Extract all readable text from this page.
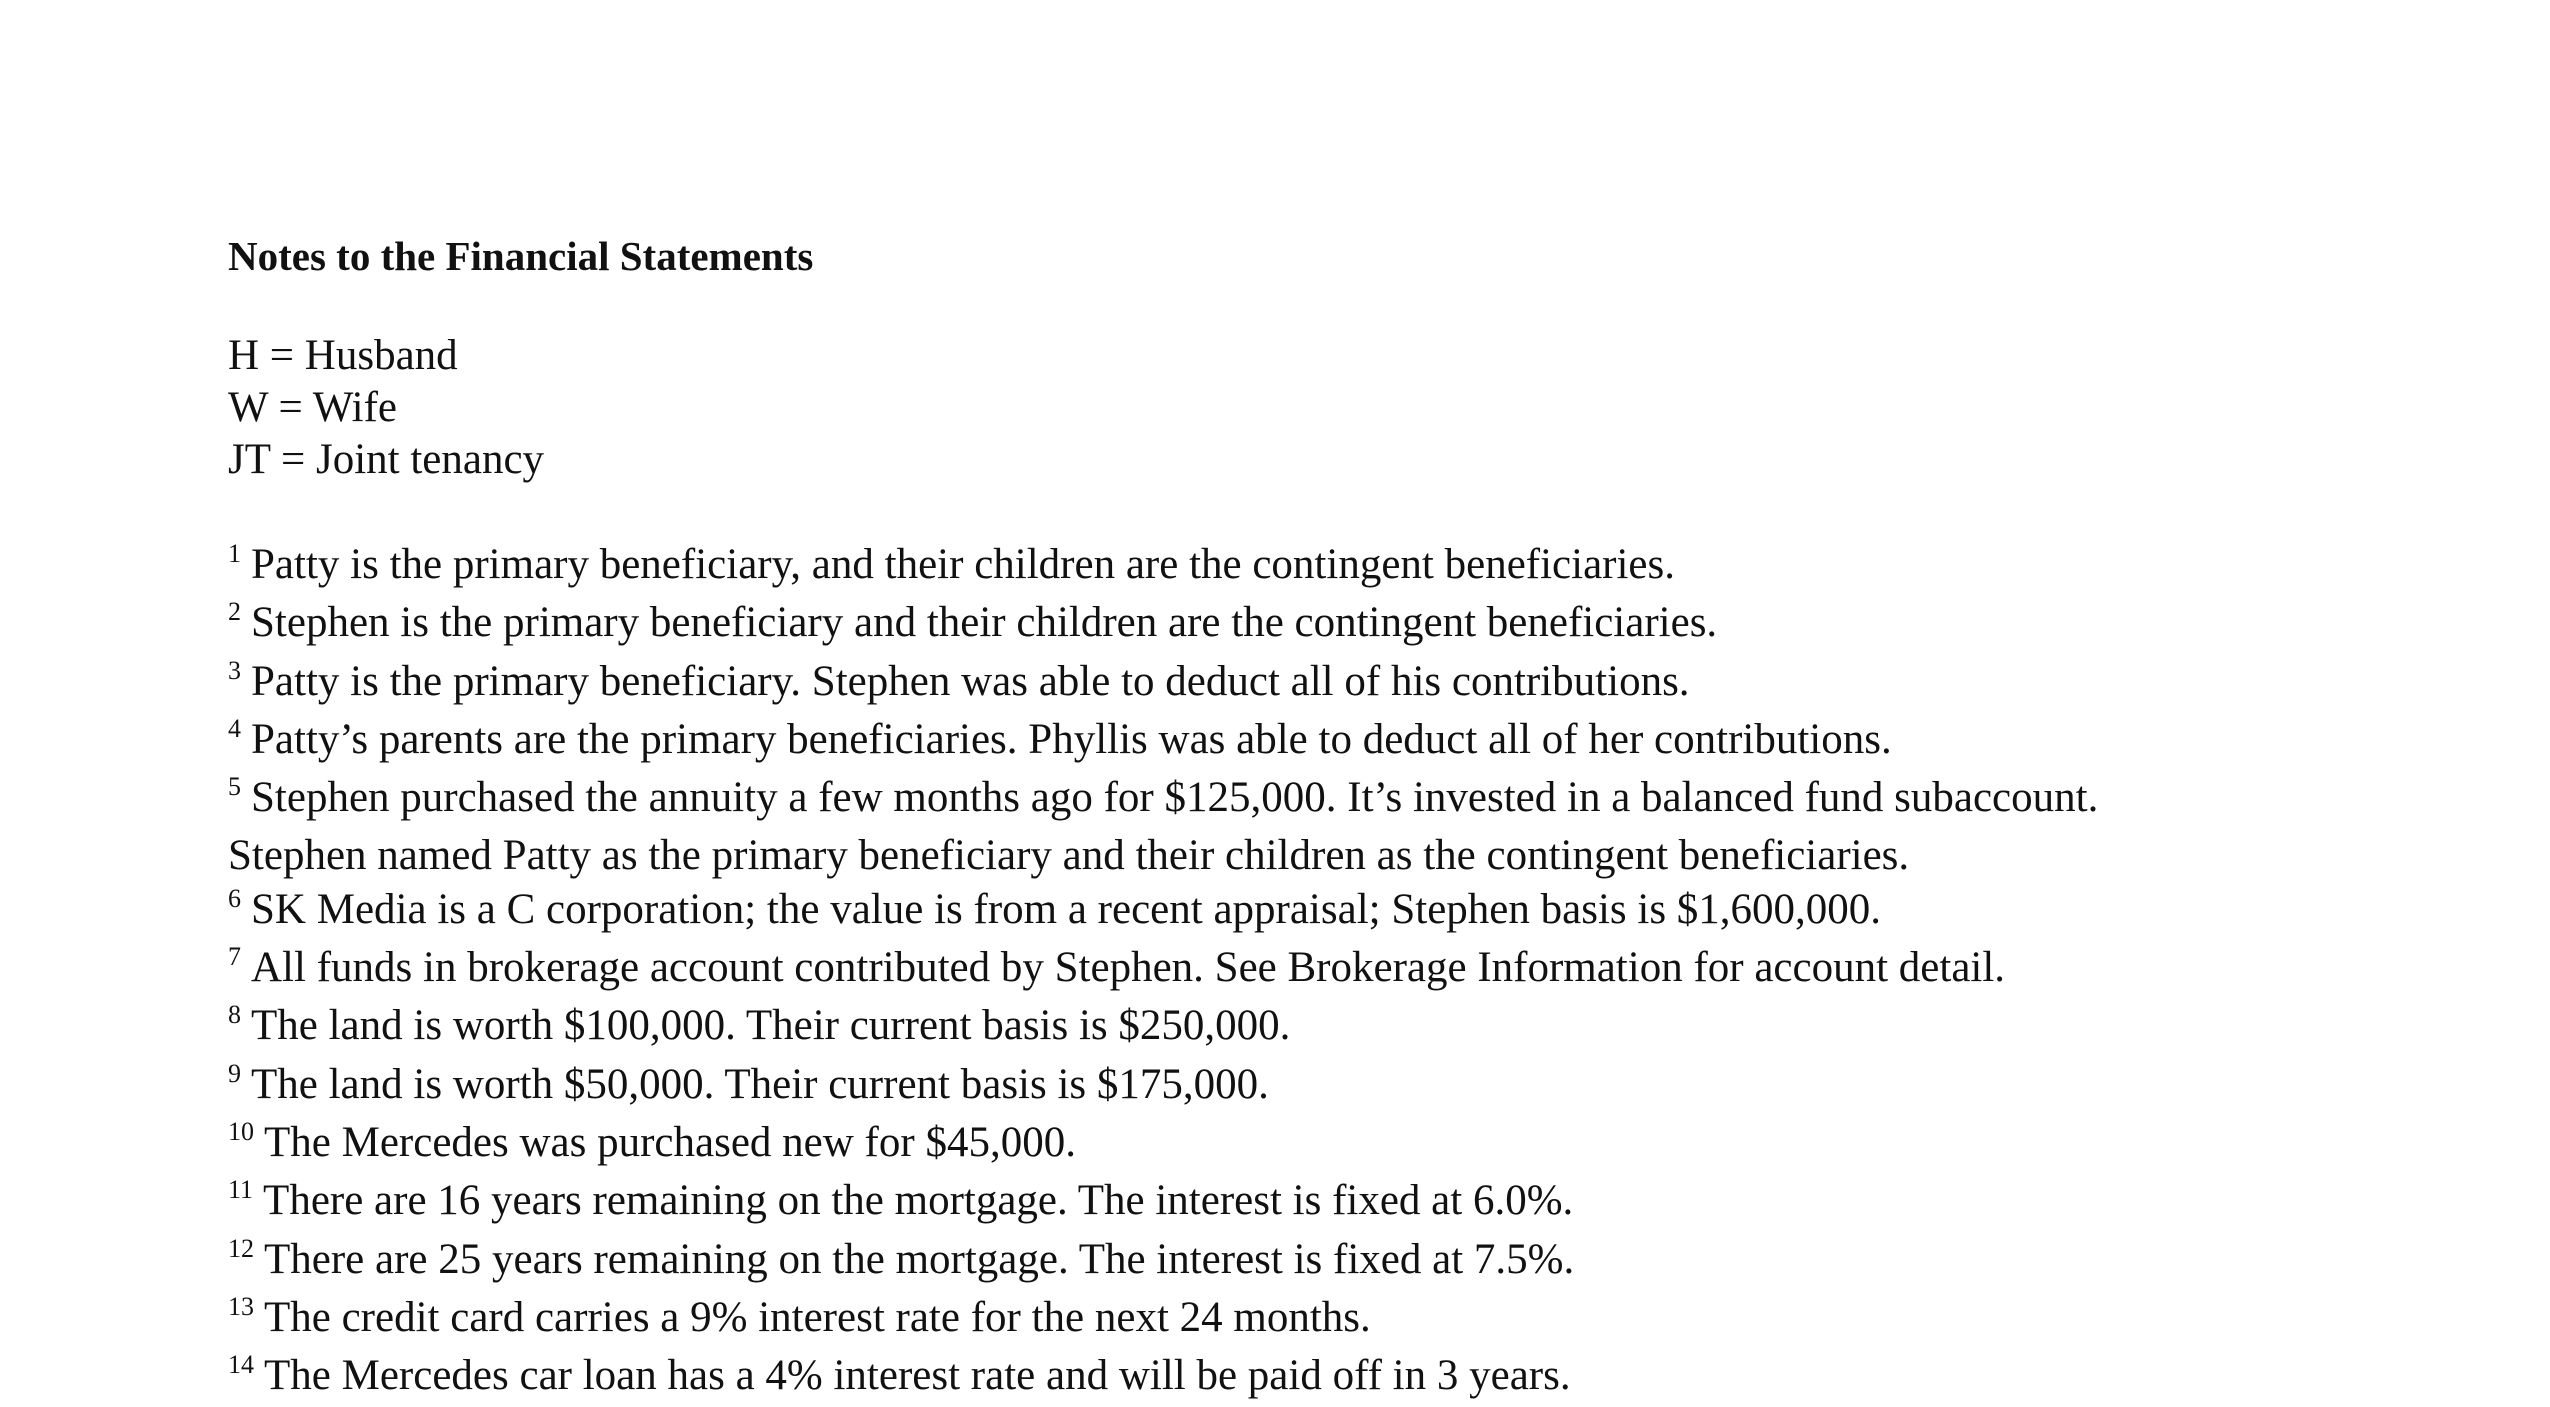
Notes to the Financial Statements
H = Husband
W = Wife
JT = Joint tenancy
$^1$ Patty is the primary beneficiary, and their children are the contingent beneficiaries.
$^2$ Stephen is the primary beneficiary and their children are the contingent beneficiaries.
$^3$ Patty is the primary beneficiary. Stephen was able to deduct all of his contributions.
$^4$ Patty’s parents are the primary beneficiaries. Phyllis was able to deduct all of her contributions.
$^5$ Stephen purchased the annuity a few months ago for $125,000. It’s invested in a balanced fund subaccount.
Stephen named Patty as the primary beneficiary and their children as the contingent beneficiaries.
$^6$ SK Media is a C corporation; the value is from a recent appraisal; Stephen basis is $1,600,000.
$^7$ All funds in brokerage account contributed by Stephen. See Brokerage Information for account detail.
$^8$ The land is worth $100,000. Their current basis is $250,000.
$^9$ The land is worth $50,000. Their current basis is $175,000.
$^{10}$ The Mercedes was purchased new for $45,000.
$^{11}$ There are 16 years remaining on the mortgage. The interest is fixed at 6.0%.
$^{12}$ There are 25 years remaining on the mortgage. The interest is fixed at 7.5%.
$^{13}$ The credit card carries a 9% interest rate for the next 24 months.
$^{14}$ The Mercedes car loan has a 4% interest rate and will be paid off in 3 years.
